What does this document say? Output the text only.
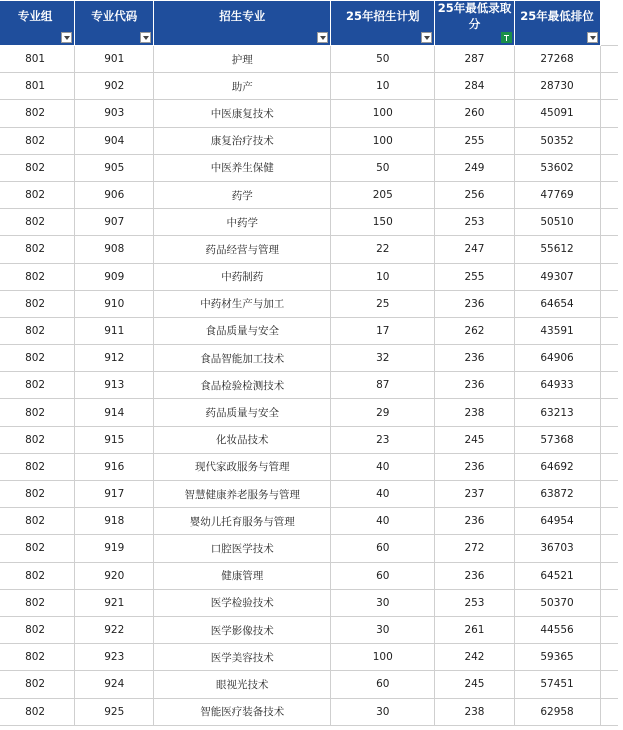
专业组	专业代码	招生专业	25年招生计划	25年最低录取分	25年最低排位

801	901	护理	50	287	27268	
801	902	助产	10	284	28730	
802	903	中医康复技术	100	260	45091	
802	904	康复治疗技术	100	255	50352	
802	905	中医养生保健	50	249	53602	
802	906	药学	205	256	47769	
802	907	中药学	150	253	50510	
802	908	药品经营与管理	22	247	55612	
802	909	中药制药	10	255	49307	
802	910	中药材生产与加工	25	236	64654	
802	911	食品质量与安全	17	262	43591	
802	912	食品智能加工技术	32	236	64906	
802	913	食品检验检测技术	87	236	64933	
802	914	药品质量与安全	29	238	63213	
802	915	化妆品技术	23	245	57368	
802	916	现代家政服务与管理	40	236	64692	
802	917	智慧健康养老服务与管理	40	237	63872	
802	918	婴幼儿托育服务与管理	40	236	64954	
802	919	口腔医学技术	60	272	36703	
802	920	健康管理	60	236	64521	
802	921	医学检验技术	30	253	50370	
802	922	医学影像技术	30	261	44556	
802	923	医学美容技术	100	242	59365	
802	924	眼视光技术	60	245	57451	
802	925	智能医疗装备技术	30	238	62958	
